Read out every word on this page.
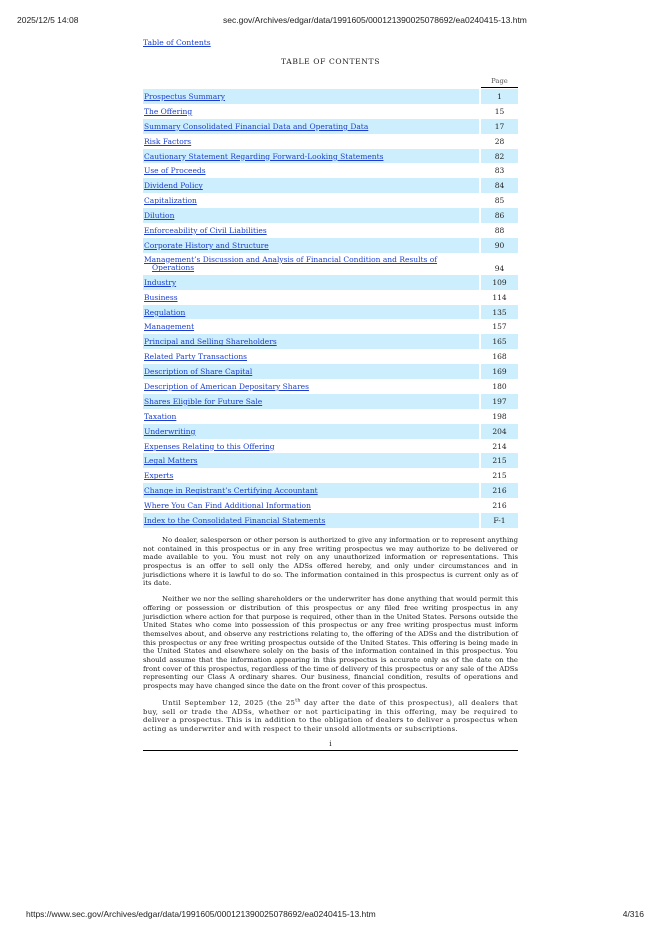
2025/12/5 14:08	sec.gov/Archives/edgar/data/1991605/000121390025078692/ea0240415-13.htm
Table of Contents
TABLE OF CONTENTS
Page
Prospectus Summary	1
The Offering	15
Summary Consolidated Financial Data and Operating Data	17
Risk Factors	28
Cautionary Statement Regarding Forward-Looking Statements	82
Use of Proceeds	83
Dividend Policy	84
Capitalization	85
Dilution	86
Enforceability of Civil Liabilities	88
Corporate History and Structure	90
Management’s Discussion and Analysis of Financial Condition and Results of
Operations	94
Industry	109
Business	114
Regulation	135
Management	157
Principal and Selling Shareholders	165
Related Party Transactions	168
Description of Share Capital	169
Description of American Depositary Shares	180
Shares Eligible for Future Sale	197
Taxation	198
Underwriting	204
Expenses Relating to this Offering	214
Legal Matters	215
Experts	215
Change in Registrant’s Certifying Accountant	216
Where You Can Find Additional Information	216
Index to the Consolidated Financial Statements	F-1

No dealer, salesperson or other person is authorized to give any information or to represent anything not contained in this prospectus or in any free writing prospectus we may authorize to be delivered or made available to you. You must not rely on any unauthorized information or representations. This prospectus is an offer to sell only the ADSs offered hereby, and only under circumstances and in jurisdictions where it is lawful to do so. The information contained in this prospectus is current only as of its date.

Neither we nor the selling shareholders or the underwriter has done anything that would permit this offering or possession or distribution of this prospectus or any filed free writing prospectus in any jurisdiction where action for that purpose is required, other than in the United States. Persons outside the United States who come into possession of this prospectus or any free writing prospectus must inform themselves about, and observe any restrictions relating to, the offering of the ADSs and the distribution of this prospectus or any free writing prospectus outside of the United States. This offering is being made in the United States and elsewhere solely on the basis of the information contained in this prospectus. You should assume that the information appearing in this prospectus is accurate only as of the date on the front cover of this prospectus, regardless of the time of delivery of this prospectus or any sale of the ADSs representing our Class A ordinary shares. Our business, financial condition, results of operations and prospects may have changed since the date on the front cover of this prospectus.

Until September 12, 2025 (the 25th day after the date of this prospectus), all dealers that buy, sell or trade the ADSs, whether or not participating in this offering, may be required to deliver a prospectus. This is in addition to the obligation of dealers to deliver a prospectus when acting as underwriter and with respect to their unsold allotments or subscriptions.

i
https://www.sec.gov/Archives/edgar/data/1991605/000121390025078692/ea0240415-13.htm	4/316
